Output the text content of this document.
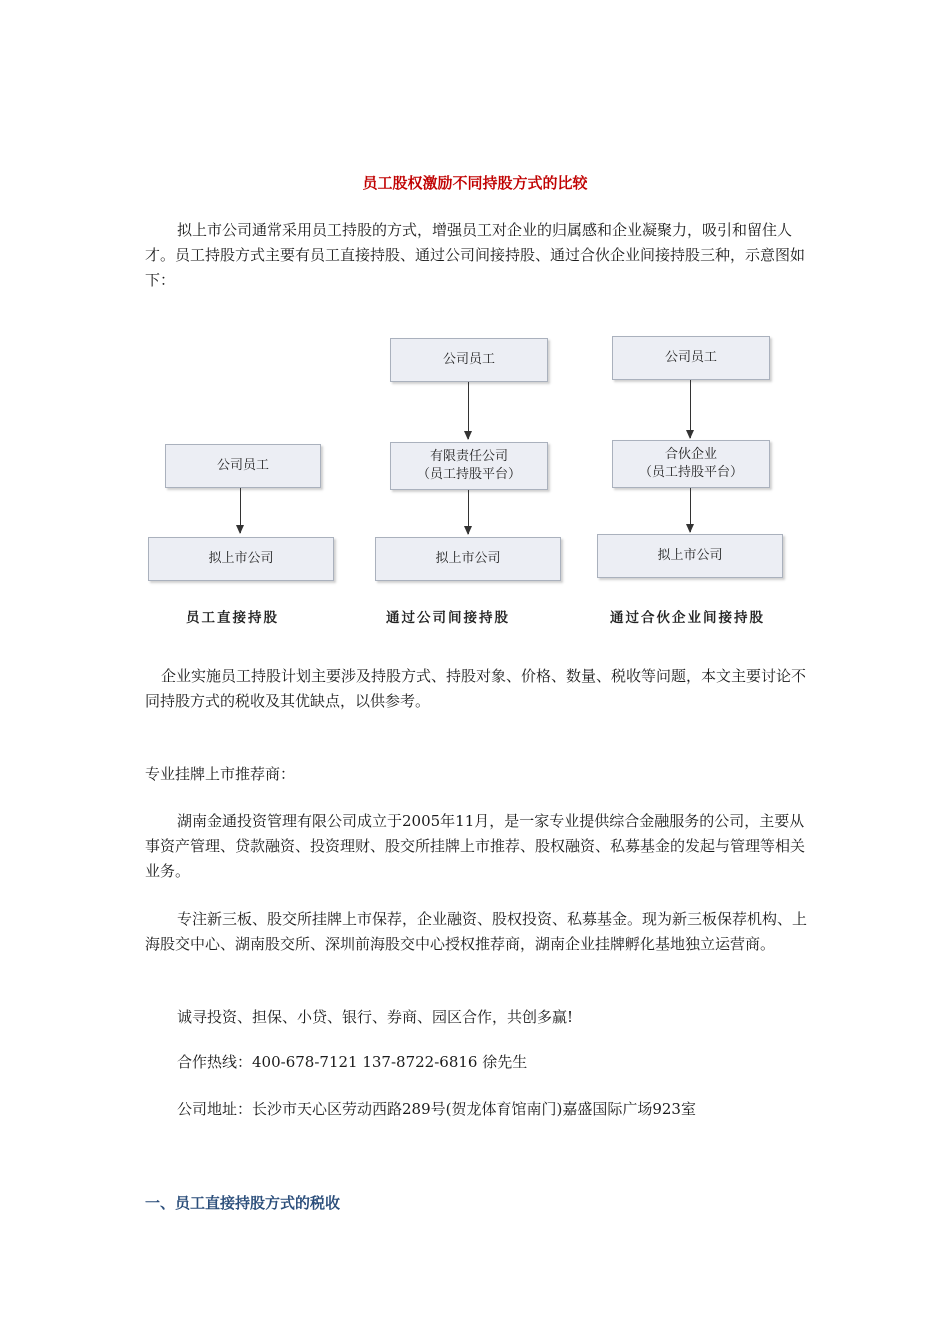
员工股权激励不同持股方式的比较
拟上市公司通常采用员工持股的方式，增强员工对企业的归属感和企业凝聚力，吸引和留住人才。员工持股方式主要有员工直接持股、通过公司间接持股、通过合伙企业间接持股三种，示意图如下：
公司员工
拟上市公司
员工直接持股
公司员工
有限责任公司
（员工持股平台）
拟上市公司
通过公司间接持股
公司员工
合伙企业
（员工持股平台）
拟上市公司
通过合伙企业间接持股
企业实施员工持股计划主要涉及持股方式、持股对象、价格、数量、税收等问题，本文主要讨论不同持股方式的税收及其优缺点，以供参考。
专业挂牌上市推荐商：
湖南金通投资管理有限公司成立于2005年11月，是一家专业提供综合金融服务的公司，主要从事资产管理、贷款融资、投资理财、股交所挂牌上市推荐、股权融资、私募基金的发起与管理等相关业务。
专注新三板、股交所挂牌上市保荐，企业融资、股权投资、私募基金。现为新三板保荐机构、上海股交中心、湖南股交所、深圳前海股交中心授权推荐商，湖南企业挂牌孵化基地独立运营商。
诚寻投资、担保、小贷、银行、券商、园区合作，共创多赢!
合作热线：400-678-7121 137-8722-6816 徐先生
公司地址：长沙市天心区劳动西路289号(贺龙体育馆南门)嘉盛国际广场923室
一、员工直接持股方式的税收
